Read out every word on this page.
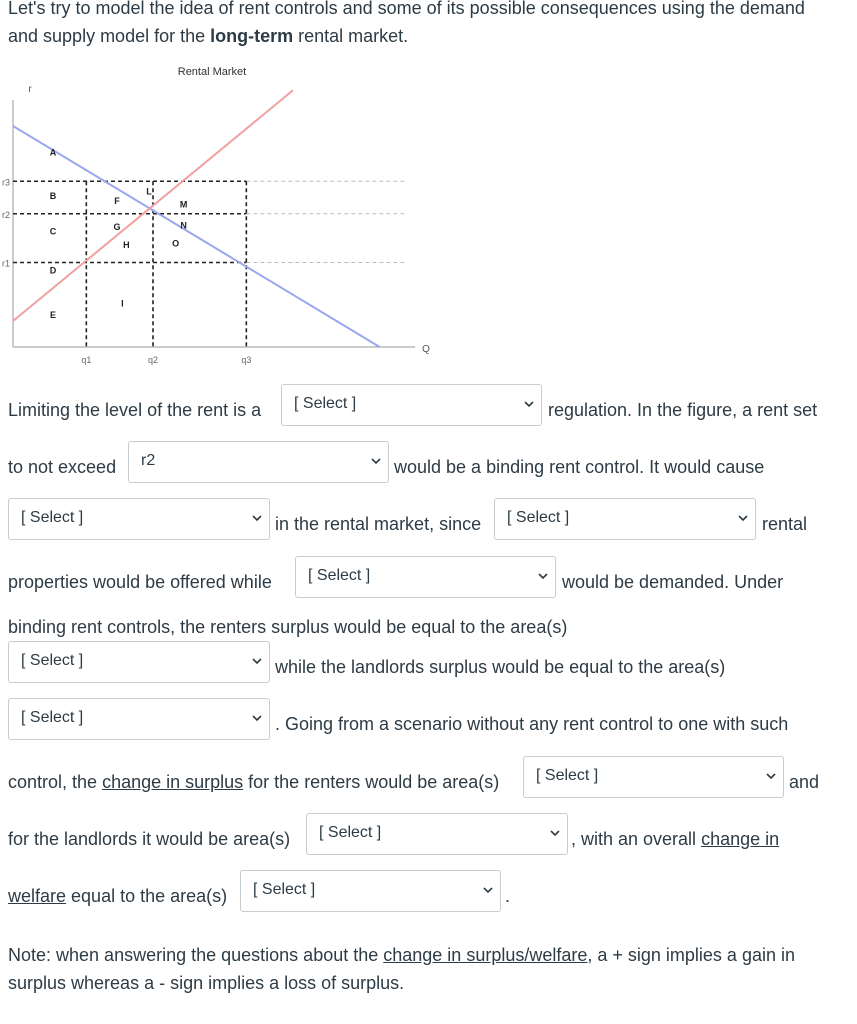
Let's try to model the idea of rent controls and some of its possible consequences using the demand
and supply model for the long-term rental market.
Rental Market
r
Q
r1
r2
r3
q1	q2	q3
A
B
C
D
E
F
G
H
I
L
M
N
O
Limiting the level of the rent is a	[ Select ]	regulation. In the figure, a rent set
to not exceed	r2	would be a binding rent control. It would cause
[ Select ]	in the rental market, since	[ Select ]	rental
properties would be offered while	[ Select ]	would be demanded. Under
binding rent controls, the renters surplus would be equal to the area(s)
[ Select ]	while the landlords surplus would be equal to the area(s)
[ Select ]	. Going from a scenario without any rent control to one with such
control, the change in surplus for the renters would be area(s)	[ Select ]	and
for the landlords it would be area(s)	[ Select ]	, with an overall change in
welfare equal to the area(s)	[ Select ]	.
Note: when answering the questions about the change in surplus/welfare, a + sign implies a gain in
surplus whereas a - sign implies a loss of surplus.
